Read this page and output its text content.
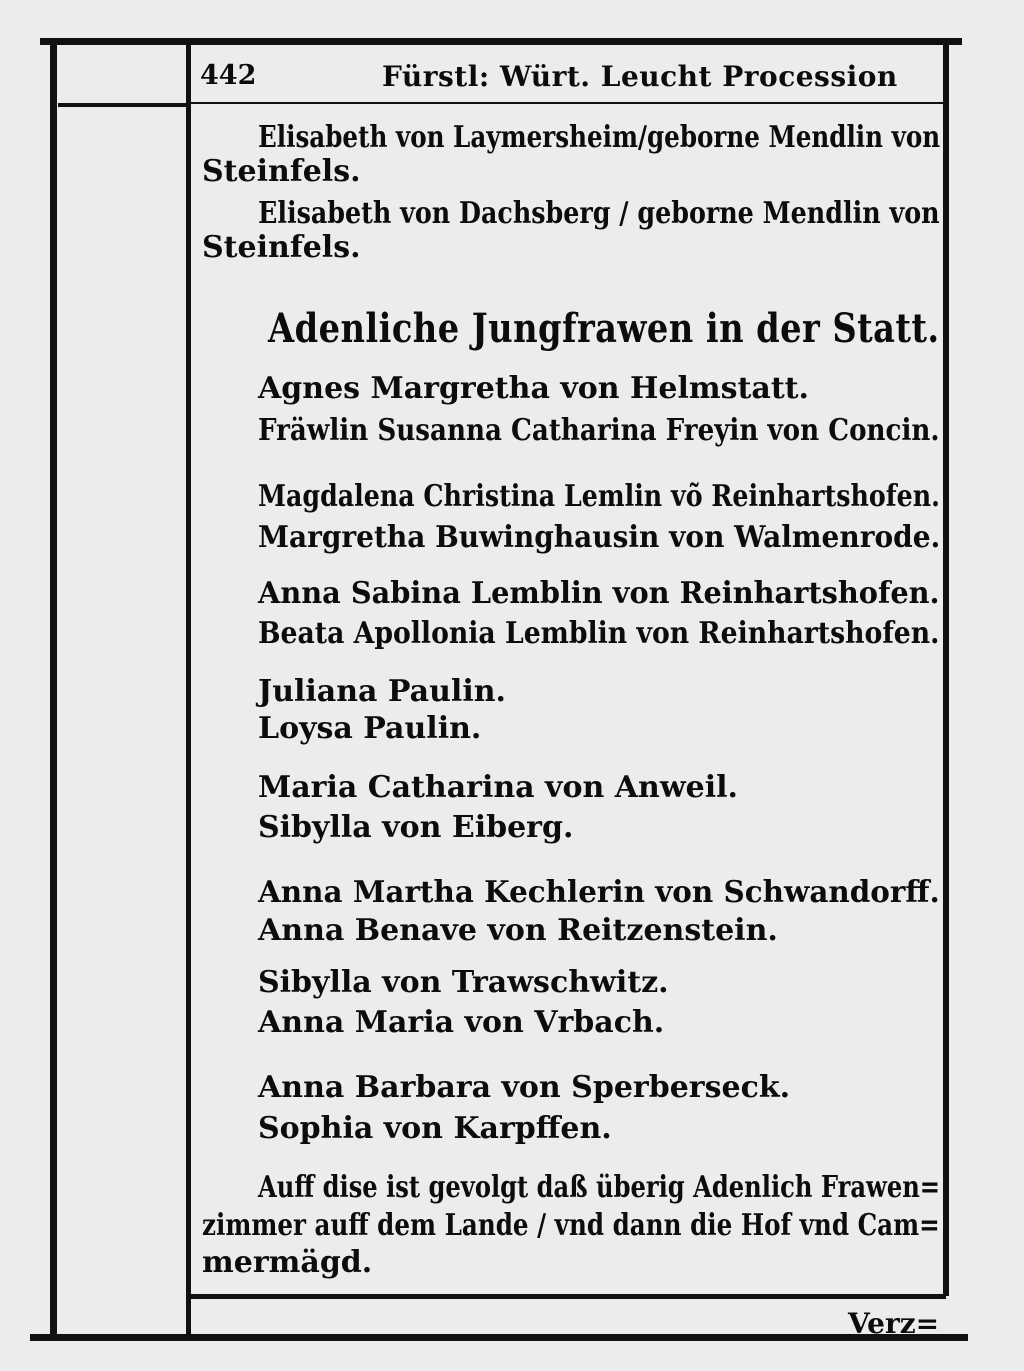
442	Fürstl: Würt. Leucht Procession
Elisabeth von Laymersheim/geborne Mendlin von
Steinfels.
Elisabeth von Dachsberg / geborne Mendlin von
Steinfels.
Adenliche Jungfrawen in der Statt.
Agnes Margretha von Helmstatt.
Fräwlin Susanna Catharina Freyin von Concin.
Magdalena Christina Lemlin võ Reinhartshofen.
Margretha Buwinghausin von Walmenrode.
Anna Sabina Lemblin von Reinhartshofen.
Beata Apollonia Lemblin von Reinhartshofen.
Juliana Paulin.
Loysa Paulin.
Maria Catharina von Anweil.
Sibylla von Eiberg.
Anna Martha Kechlerin von Schwandorff.
Anna Benave von Reitzenstein.
Sibylla von Trawschwitz.
Anna Maria von Vrbach.
Anna Barbara von Sperberseck.
Sophia von Karpffen.
Auff dise ist gevolgt daß überig Adenlich Frawen=
zimmer auff dem Lande / vnd dann die Hof vnd Cam=
mermägd.
Verz=
